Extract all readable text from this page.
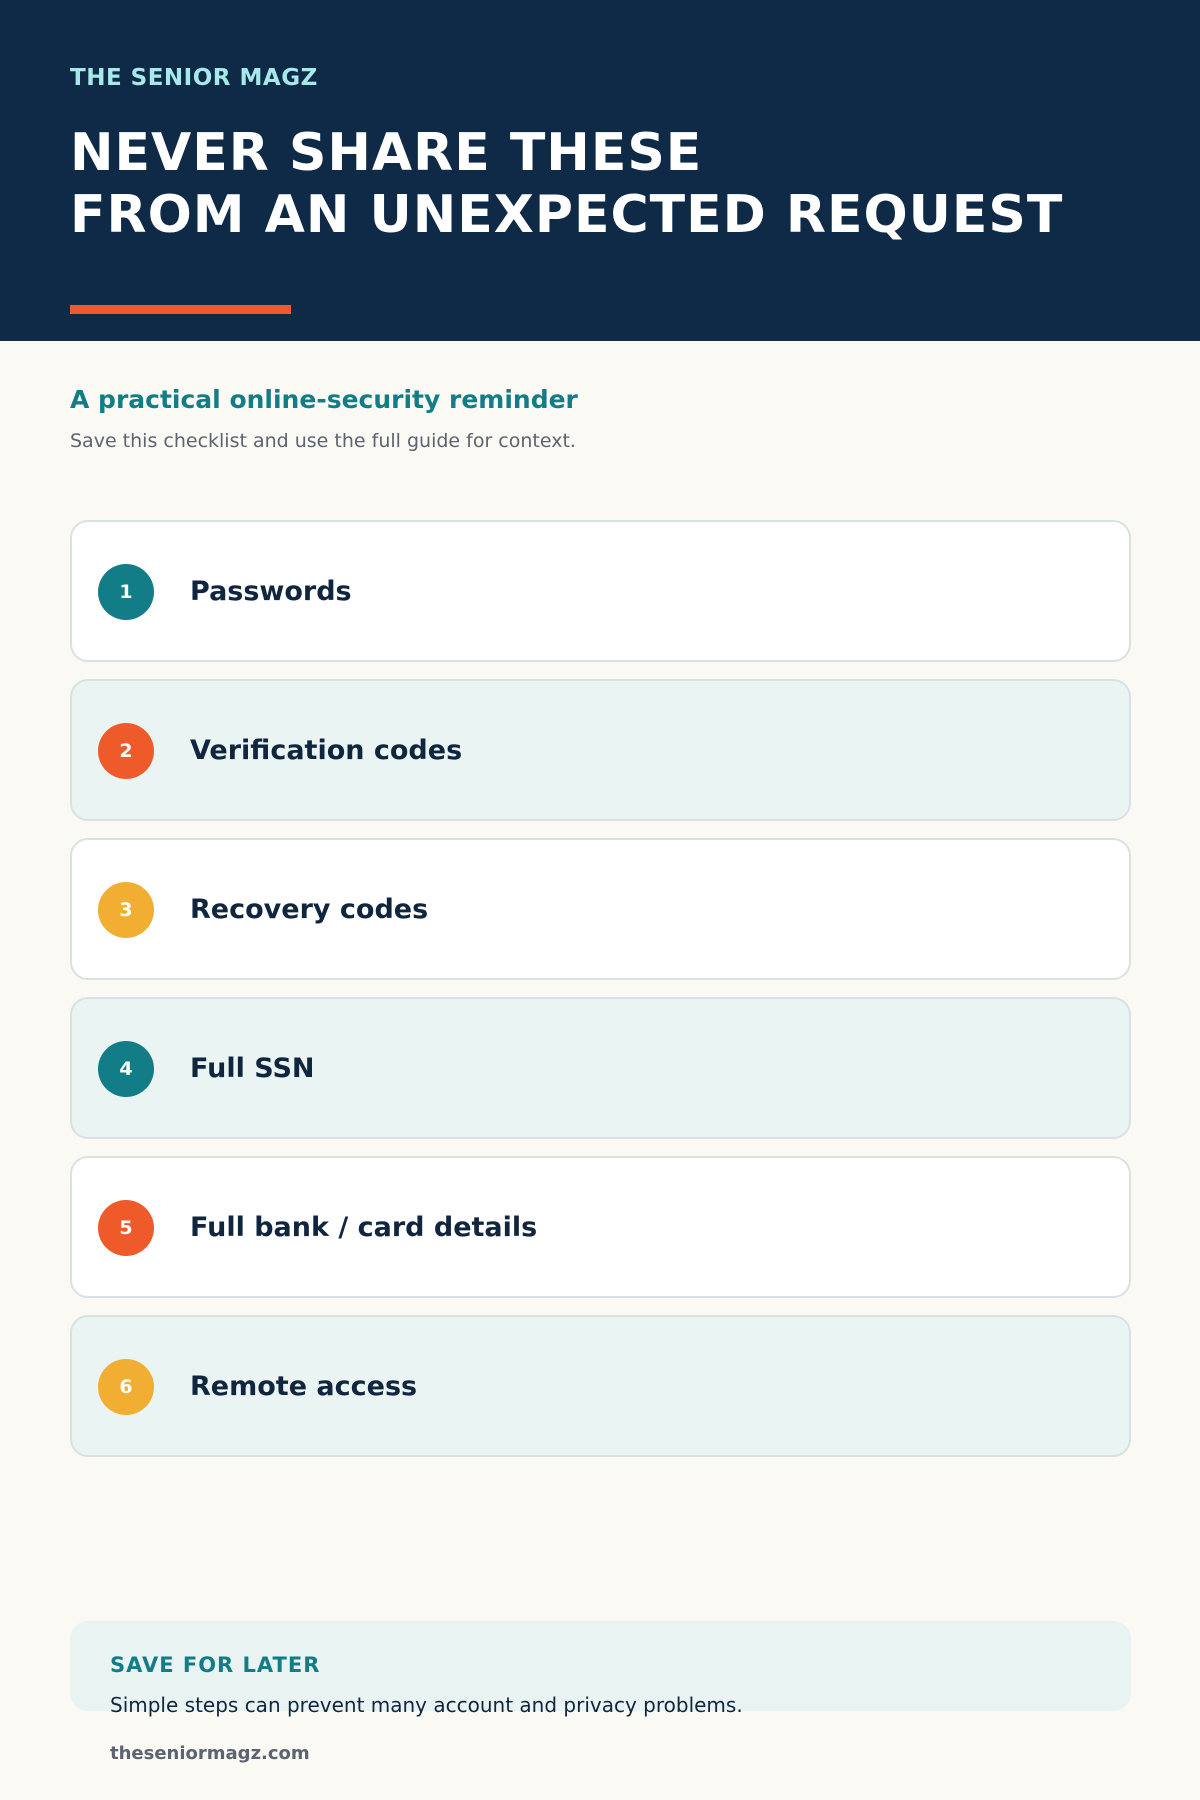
THE SENIOR MAGZ
NEVER SHARE THESE
FROM AN UNEXPECTED REQUEST
A practical online-security reminder
Save this checklist and use the full guide for context.
1	Passwords
2	Verification codes
3	Recovery codes
4	Full SSN
5	Full bank / card details
6	Remote access
SAVE FOR LATER
Simple steps can prevent many account and privacy problems.
theseniormagz.com
